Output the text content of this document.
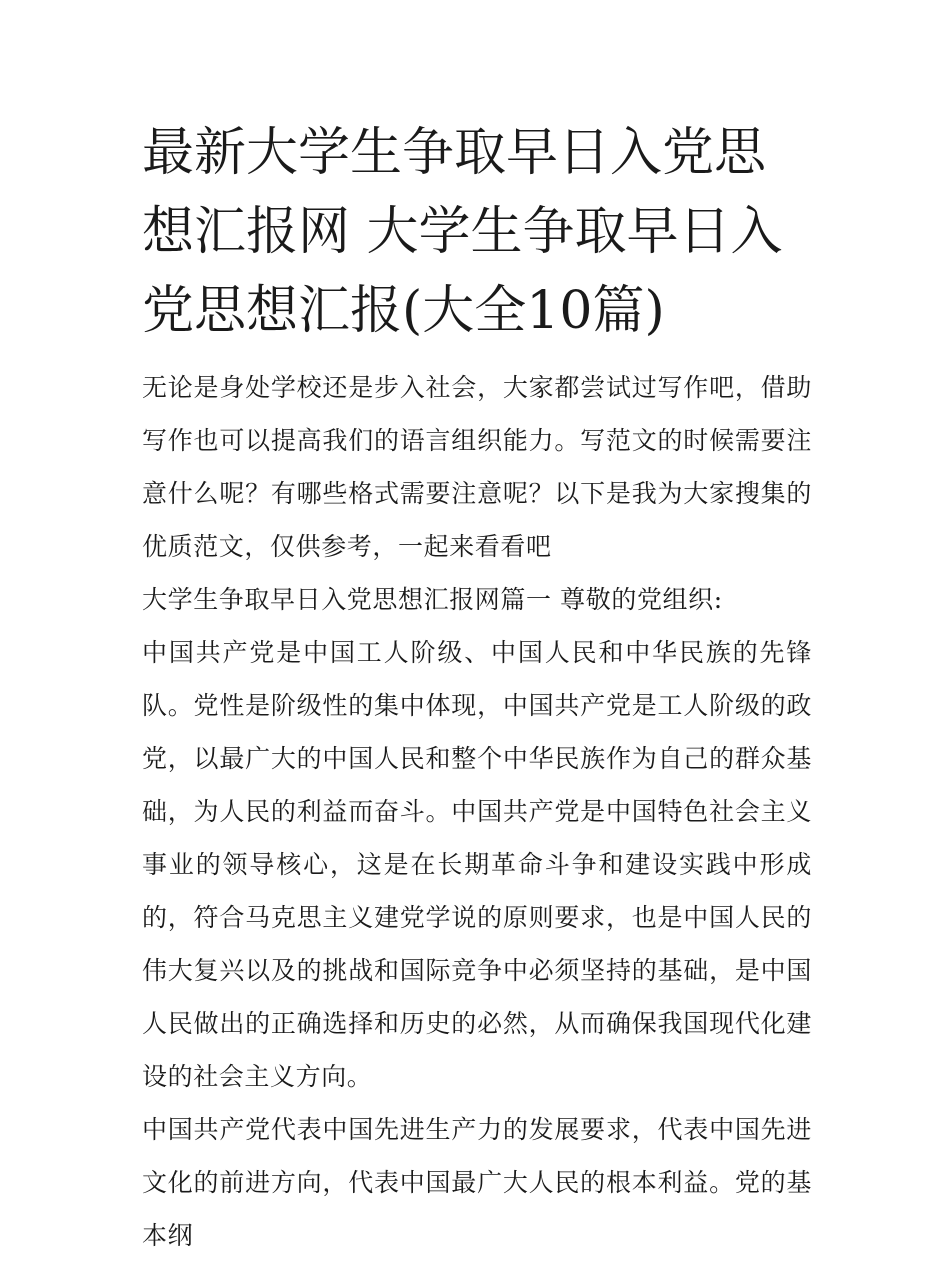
最新大学生争取早日入党思想汇报网 大学生争取早日入党思想汇报(大全10篇)

无论是身处学校还是步入社会，大家都尝试过写作吧，借助写作也可以提高我们的语言组织能力。写范文的时候需要注意什么呢？有哪些格式需要注意呢？以下是我为大家搜集的优质范文，仅供参考，一起来看看吧

大学生争取早日入党思想汇报网篇一 尊敬的党组织:

中国共产党是中国工人阶级、中国人民和中华民族的先锋队。党性是阶级性的集中体现，中国共产党是工人阶级的政党，以最广大的中国人民和整个中华民族作为自己的群众基础，为人民的利益而奋斗。中国共产党是中国特色社会主义事业的领导核心，这是在长期革命斗争和建设实践中形成的，符合马克思主义建党学说的原则要求，也是中国人民的伟大复兴以及的挑战和国际竞争中必须坚持的基础，是中国人民做出的正确选择和历史的必然，从而确保我国现代化建设的社会主义方向。

中国共产党代表中国先进生产力的发展要求，代表中国先进文化的前进方向，代表中国最广大人民的根本利益。党的基本纲
